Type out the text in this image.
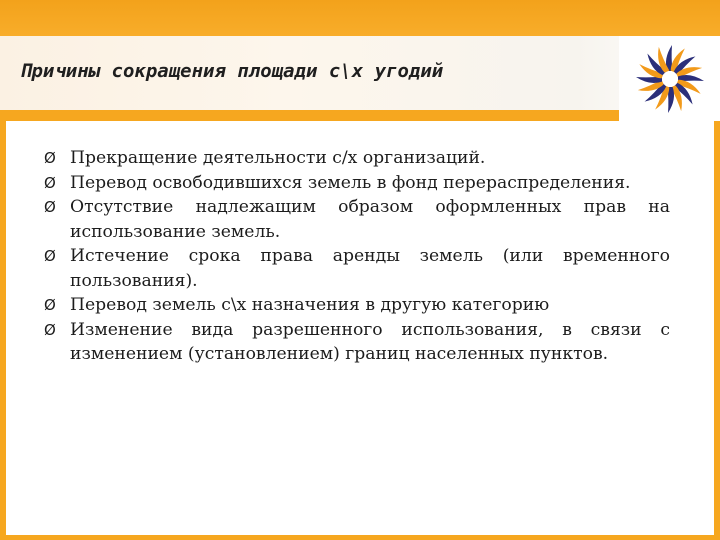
Причины сокращения площади с\х угодий
Ø Прекращение деятельности с/х организаций.
Ø Перевод освободившихся земель в фонд перераспределения.
Ø Отсутствие надлежащим образом оформленных прав на использование земель.
Ø Истечение срока права аренды земель (или временного пользования).
Ø Перевод земель с\х назначения в другую категорию
Ø Изменение вида разрешенного использования, в связи с изменением (установлением) границ населенных пунктов.
